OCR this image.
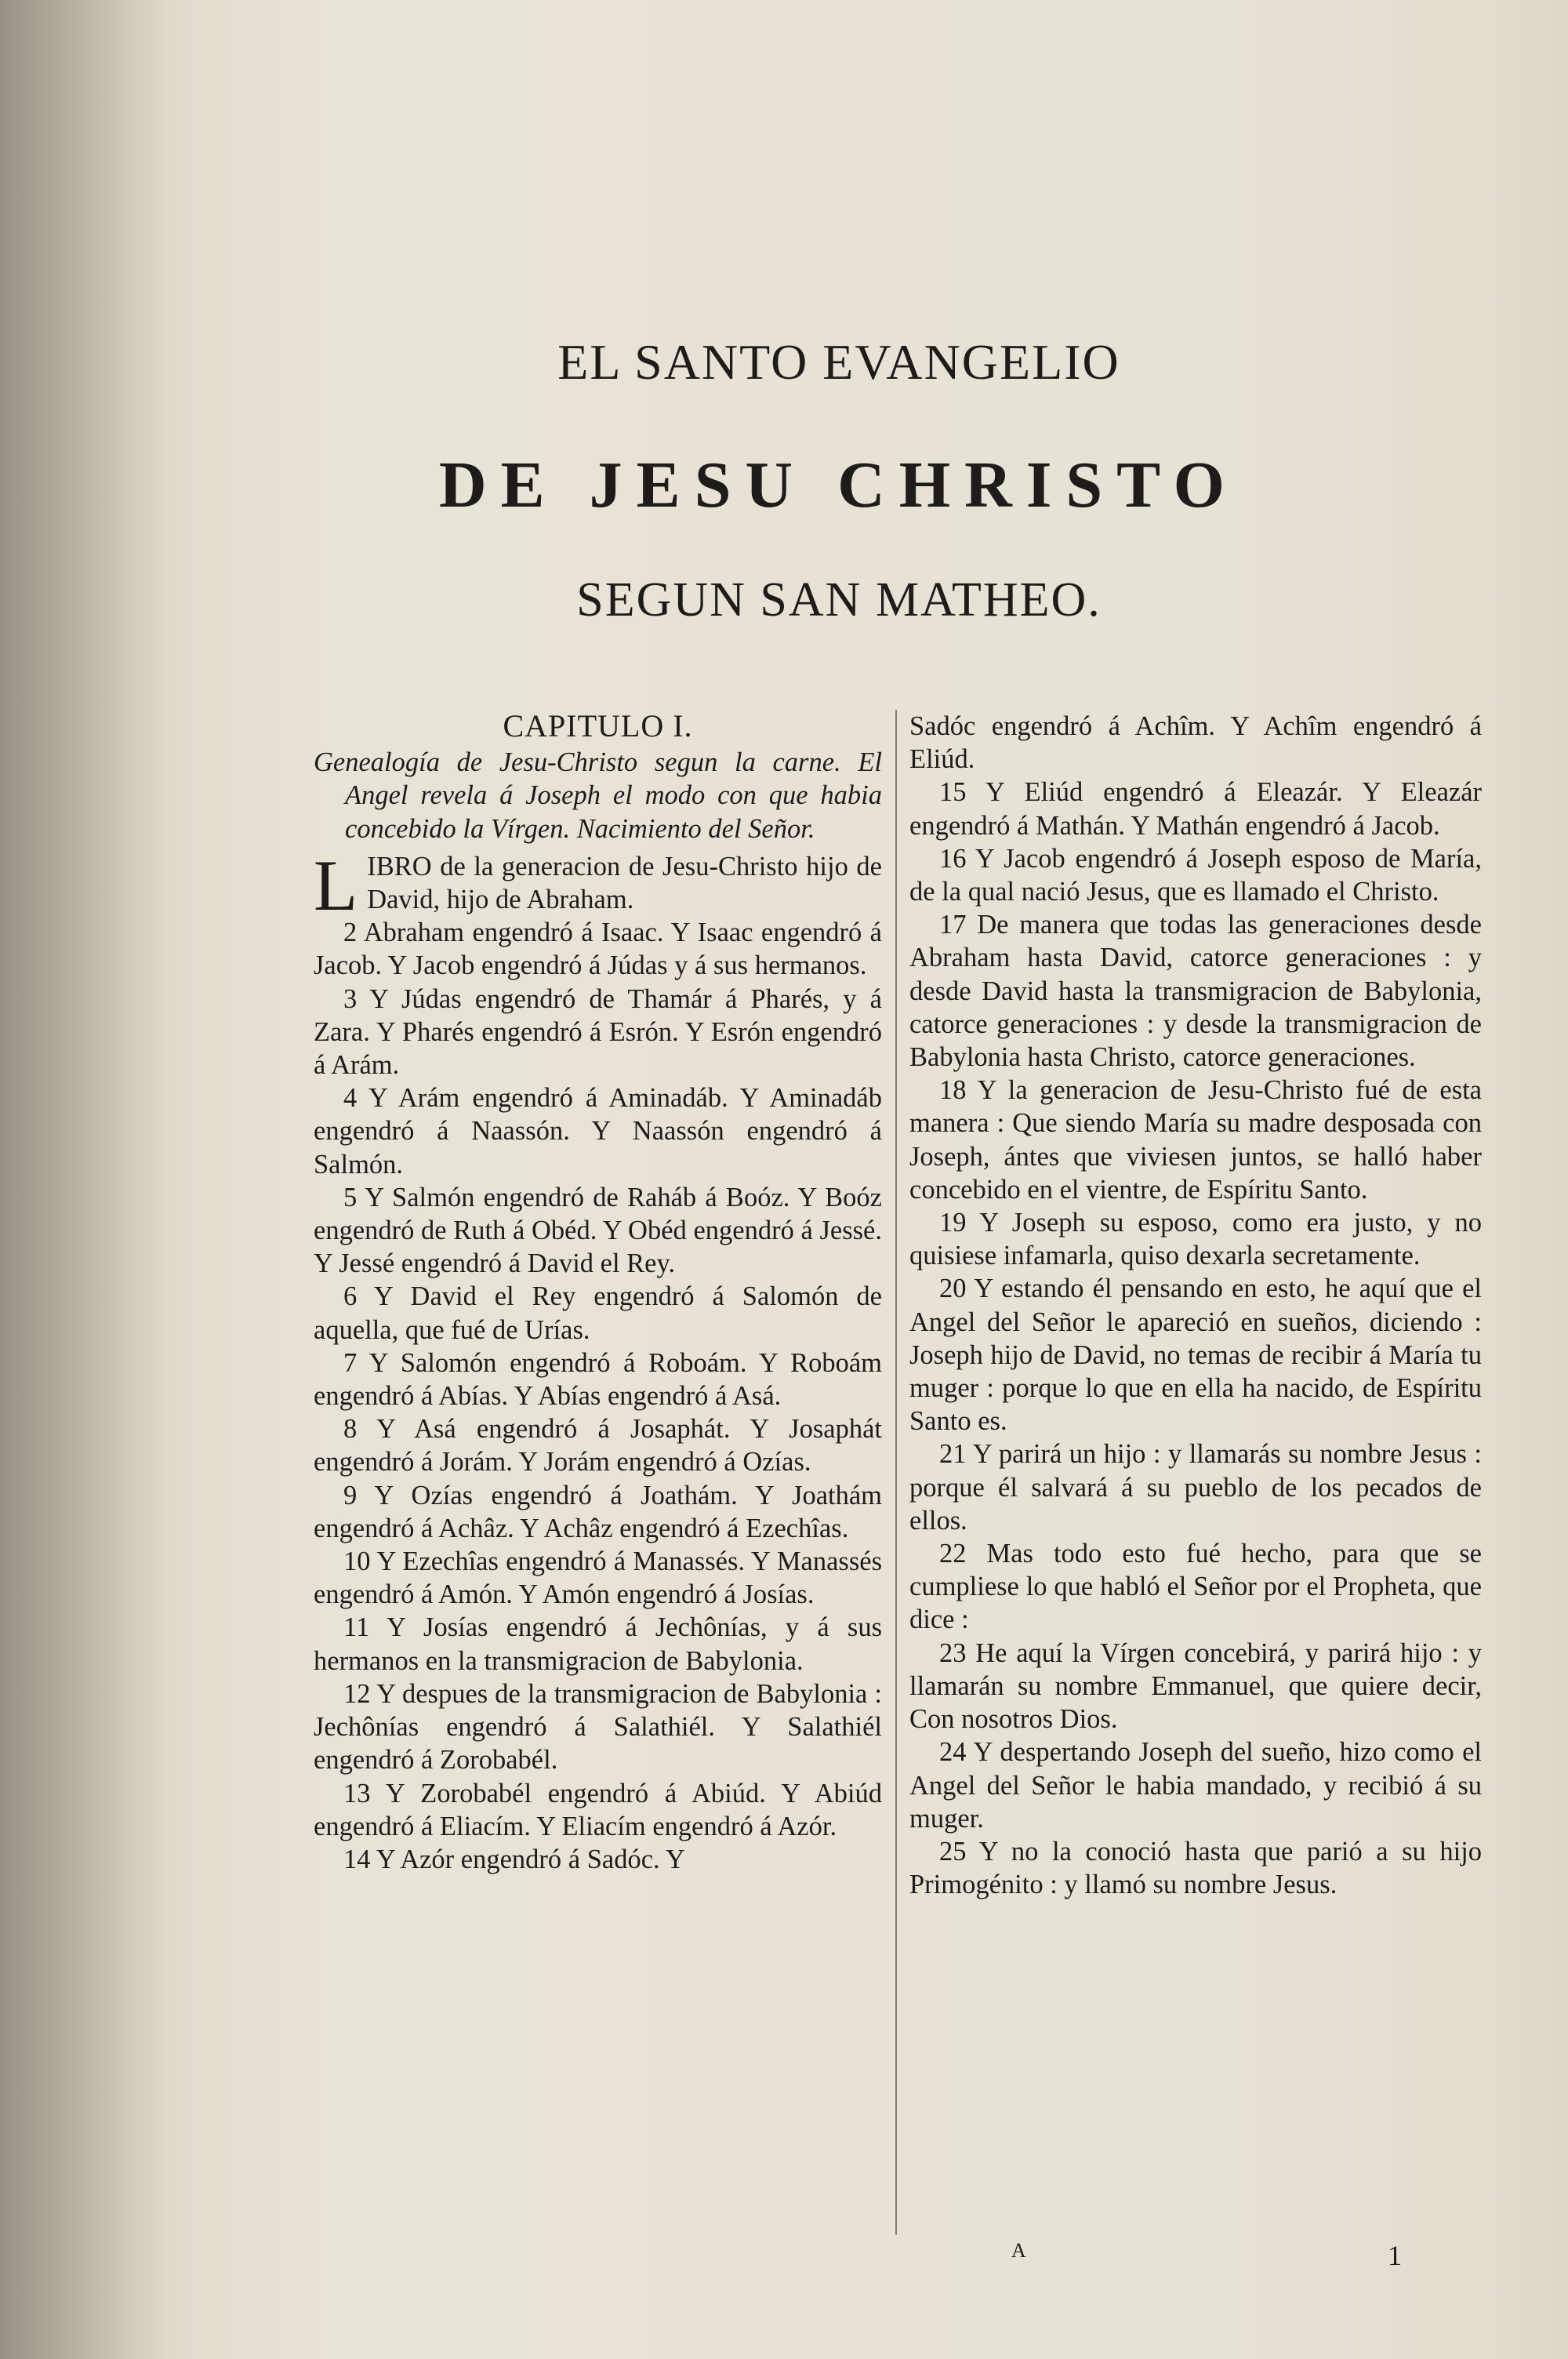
EL SANTO EVANGELIO
DE JESU CHRISTO
SEGUN SAN MATHEO.
CAPITULO I.
Genealogía de Jesu-Christo segun la carne. El Angel revela á Joseph el modo con que habia concebido la Vírgen. Nacimiento del Señor.

LIBRO de la generacion de Jesu-Christo hijo de David, hijo de Abraham.

2 Abraham engendró á Isaac. Y Isaac engendró á Jacob. Y Jacob engendró á Júdas y á sus hermanos.

3 Y Júdas engendró de Thamár á Pharés, y á Zara. Y Pharés engendró á Esrón. Y Esrón engendró á Arám.

4 Y Arám engendró á Aminadáb. Y Aminadáb engendró á Naassón. Y Naassón engendró á Salmón.

5 Y Salmón engendró de Raháb á Boóz. Y Boóz engendró de Ruth á Obéd. Y Obéd engendró á Jessé. Y Jessé engendró á David el Rey.

6 Y David el Rey engendró á Salomón de aquella, que fué de Urías.

7 Y Salomón engendró á Roboám. Y Roboám engendró á Abías. Y Abías engendró á Asá.

8 Y Asá engendró á Josaphát. Y Josaphát engendró á Jorám. Y Jorám engendró á Ozías.

9 Y Ozías engendró á Joathám. Y Joathám engendró á Achâz. Y Achâz engendró á Ezechîas.

10 Y Ezechîas engendró á Manassés. Y Manassés engendró á Amón. Y Amón engendró á Josías.

11 Y Josías engendró á Jechônías, y á sus hermanos en la transmigracion de Babylonia.

12 Y despues de la transmigracion de Babylonia : Jechônías engendró á Salathiél. Y Salathiél engendró á Zorobabél.

13 Y Zorobabél engendró á Abiúd. Y Abiúd engendró á Eliacím. Y Eliacím engendró á Azór.

14 Y Azór engendró á Sadóc. Y

Sadóc engendró á Achîm. Y Achîm engendró á Eliúd.

15 Y Eliúd engendró á Eleazár. Y Eleazár engendró á Mathán. Y Mathán engendró á Jacob.

16 Y Jacob engendró á Joseph esposo de María, de la qual nació Jesus, que es llamado el Christo.

17 De manera que todas las generaciones desde Abraham hasta David, catorce generaciones : y desde David hasta la transmigracion de Babylonia, catorce generaciones : y desde la transmigracion de Babylonia hasta Christo, catorce generaciones.

18 Y la generacion de Jesu-Christo fué de esta manera : Que siendo María su madre desposada con Joseph, ántes que viviesen juntos, se halló haber concebido en el vientre, de Espíritu Santo.

19 Y Joseph su esposo, como era justo, y no quisiese infamarla, quiso dexarla secretamente.

20 Y estando él pensando en esto, he aquí que el Angel del Señor le apareció en sueños, diciendo : Joseph hijo de David, no temas de recibir á María tu muger : porque lo que en ella ha nacido, de Espíritu Santo es.

21 Y parirá un hijo : y llamarás su nombre Jesus : porque él salvará á su pueblo de los pecados de ellos.

22 Mas todo esto fué hecho, para que se cumpliese lo que habló el Señor por el Propheta, que dice :

23 He aquí la Vírgen concebirá, y parirá hijo : y llamarán su nombre Emmanuel, que quiere decir, Con nosotros Dios.

24 Y despertando Joseph del sueño, hizo como el Angel del Señor le habia mandado, y recibió á su muger.

25 Y no la conoció hasta que parió a su hijo Primogénito : y llamó su nombre Jesus.

A	1
